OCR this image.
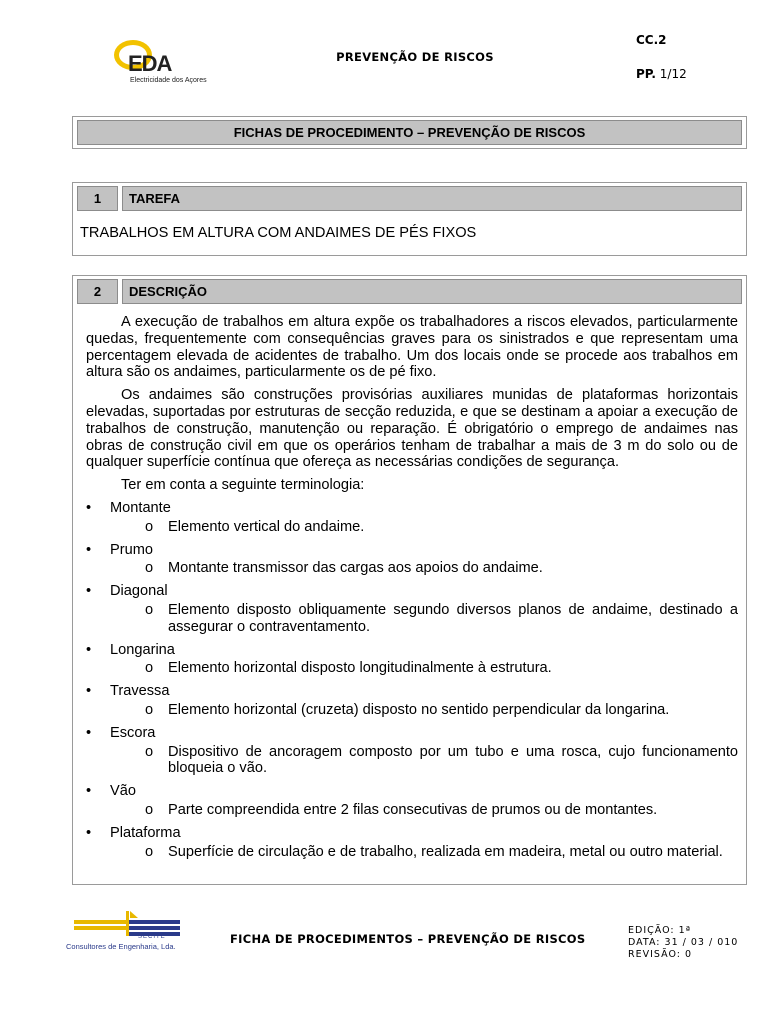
EDA
Electricidade dos Açores
PREVENÇÃO DE RISCOS
CC.2
PP. 1/12
FICHAS DE PROCEDIMENTO – PREVENÇÃO DE RISCOS
1	TAREFA
TRABALHOS EM ALTURA COM ANDAIMES DE PÉS FIXOS
2	DESCRIÇÃO

A execução de trabalhos em altura expõe os trabalhadores a riscos elevados, particularmente quedas, frequentemente com consequências graves para os sinistrados e que representam uma percentagem elevada de acidentes de trabalho. Um dos locais onde se procede aos trabalhos em altura são os andaimes, particularmente os de pé fixo.

Os andaimes são construções provisórias auxiliares munidas de plataformas horizontais elevadas, suportadas por estruturas de secção reduzida, e que se destinam a apoiar a execução de trabalhos de construção, manutenção ou reparação. É obrigatório o emprego de andaimes nas obras de construção civil em que os operários tenham de trabalhar a mais de 3 m do solo ou de qualquer superfície contínua que ofereça as necessárias condições de segurança.

Ter em conta a seguinte terminologia:

• Montante
o Elemento vertical do andaime.
• Prumo
o Montante transmissor das cargas aos apoios do andaime.
• Diagonal
o Elemento disposto obliquamente segundo diversos planos de andaime, destinado a assegurar o contraventamento.
• Longarina
o Elemento horizontal disposto longitudinalmente à estrutura.
• Travessa
o Elemento horizontal (cruzeta) disposto no sentido perpendicular da longarina.
• Escora
o Dispositivo de ancoragem composto por um tubo e uma rosca, cujo funcionamento bloqueia o vão.
• Vão
o Parte compreendida entre 2 filas consecutivas de prumos ou de montantes.
• Plataforma
o Superfície de circulação e de trabalho, realizada em madeira, metal ou outro material.
SECITE
Consultores de Engenharia, Lda.
FICHA DE PROCEDIMENTOS – PREVENÇÃO DE RISCOS
EDIÇÃO: 1ª
DATA: 31 / 03 / 010
REVISÃO: 0
